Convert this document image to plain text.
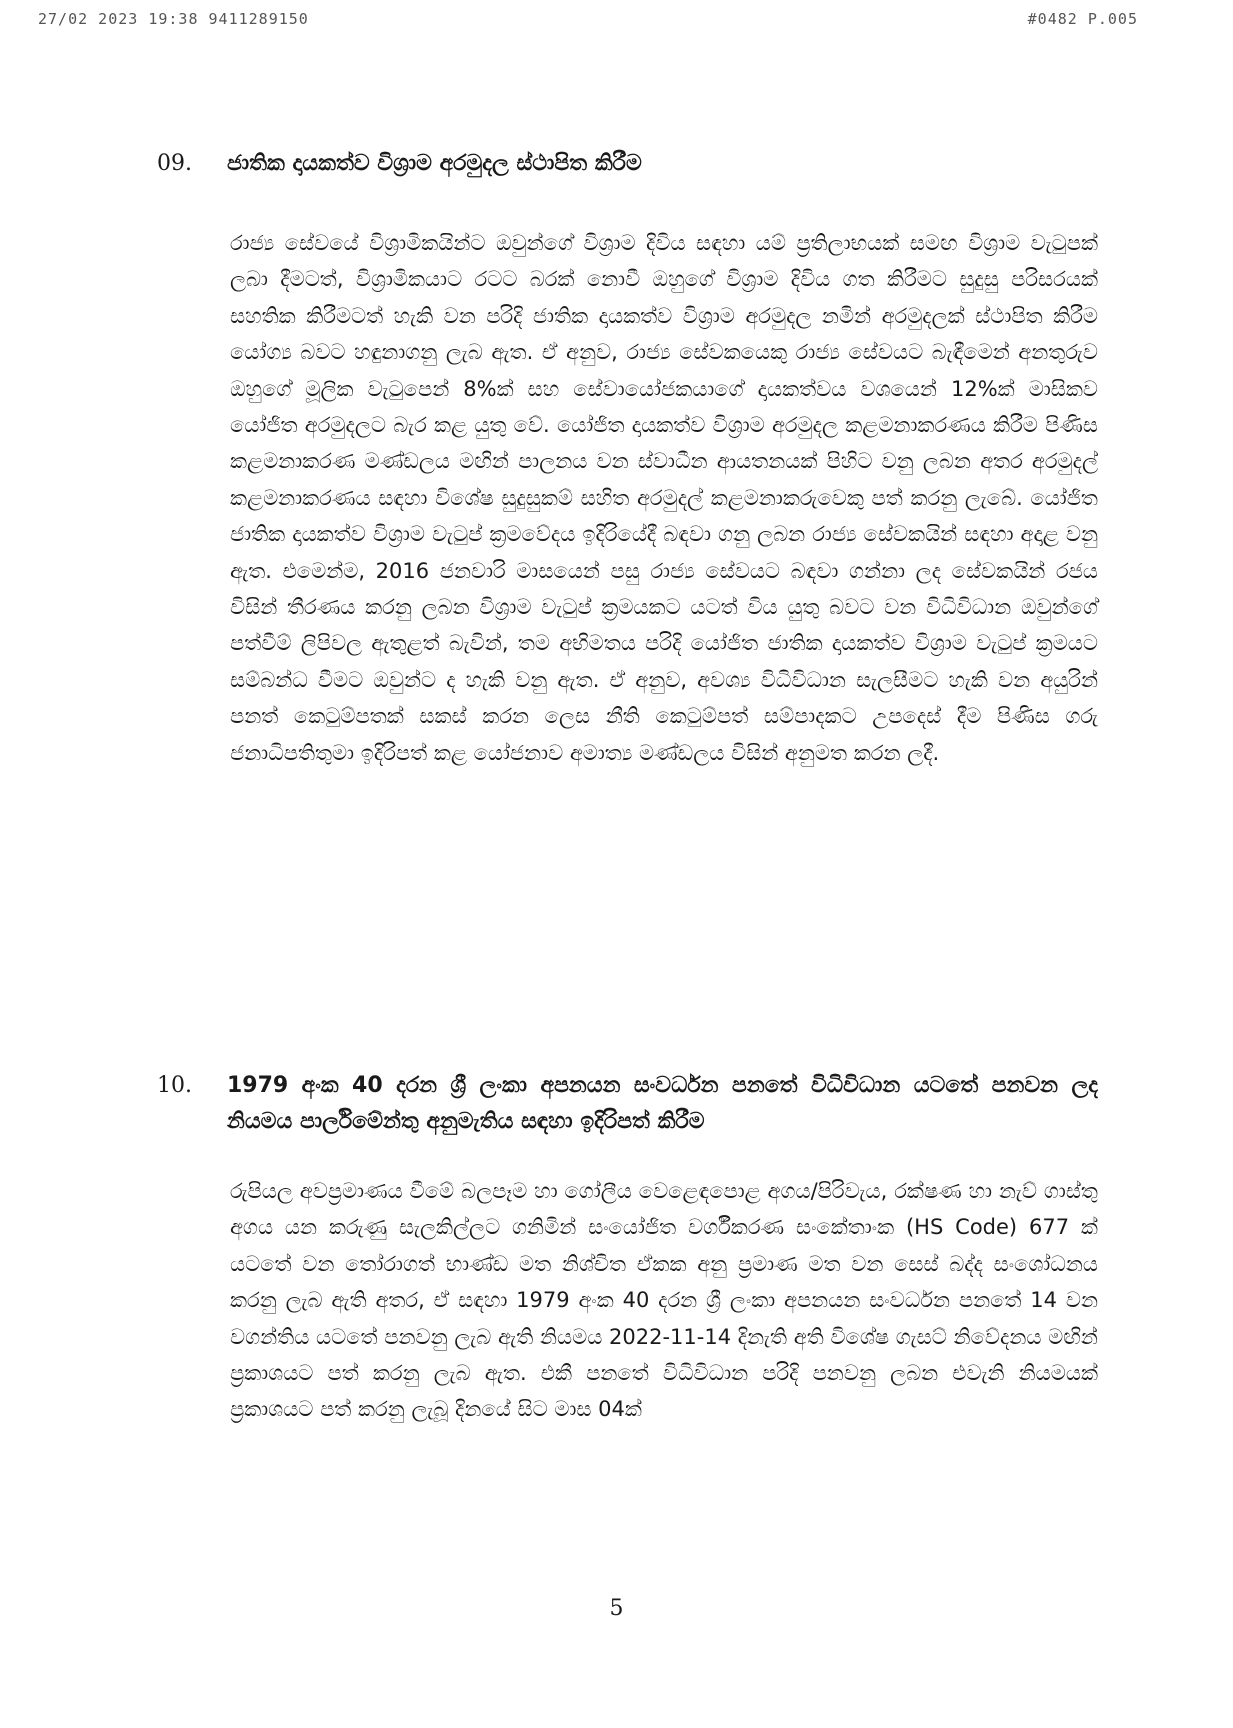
27/02 2023 19:38 9411289150	#0482 P.005
09.	ජාතික දායකත්ව විශ්‍රාම අරමුදල ස්ථාපිත කිරීම
රාජ්‍ය සේවයේ විශ්‍රාමිකයින්ට ඔවුන්ගේ විශ්‍රාම දිවිය සඳහා යම් ප්‍රතිලාභයක් සමඟ විශ්‍රාම වැටුපක් ලබා දීමටත්, විශ්‍රාමිකයාට රටට බරක් නොවී ඔහුගේ විශ්‍රාම දිවිය ගත කිරීමට සුදුසු පරිසරයක් සහතික කිරීමටත් හැකි වන පරිදි ජාතික දායකත්ව විශ්‍රාම අරමුදල නමින් අරමුදලක් ස්ථාපිත කිරීම යෝග්‍ය බවට හඳුනාගනු ලැබ ඇත. ඒ අනුව, රාජ්‍ය සේවකයෙකු රාජ්‍ය සේවයට බැඳීමෙන් අනතුරුව ඔහුගේ මූලික වැටුපෙන් 8%ක් සහ සේවායෝජකයාගේ දායකත්වය වශයෙන් 12%ක් මාසිකව යෝජිත අරමුදලට බැර කළ යුතු වේ. යෝජිත දායකත්ව විශ්‍රාම අරමුදල කළමනාකරණය කිරීම පිණිස කළමනාකරණ මණ්ඩලය මඟින් පාලනය වන ස්වාධීන ආයතනයක් පිහිට වනු ලබන අතර අරමුදල් කළමනාකරණය සඳහා විශේෂ සුදුසුකම් සහිත අරමුදල් කළමනාකරුවෙකු පත් කරනු ලැබේ. යෝජිත ජාතික දායකත්ව විශ්‍රාම වැටුප් ක්‍රමවේදය ඉදිරියේදී බඳවා ගනු ලබන රාජ්‍ය සේවකයින් සඳහා අදාළ වනු ඇත. එමෙන්ම, 2016 ජනවාරි මාසයෙන් පසු රාජ්‍ය සේවයට බඳවා ගන්නා ලද සේවකයින් රජය විසින් තීරණය කරනු ලබන විශ්‍රාම වැටුප් ක්‍රමයකට යටත් විය යුතු බවට වන විධිවිධාන ඔවුන්ගේ පත්වීම් ලිපිවල ඇතුළත් බැවින්, තම අභිමතය පරිදි යෝජිත ජාතික දායකත්ව විශ්‍රාම වැටුප් ක්‍රමයට සම්බන්ධ වීමට ඔවුන්ට ද හැකි වනු ඇත. ඒ අනුව, අවශ්‍ය විධිවිධාන සැලසීමට හැකි වන අයුරින් පනත් කෙටුම්පතක් සකස් කරන ලෙස නීති කෙටුම්පත් සම්පාදකට උපදෙස් දීම පිණිස ගරු ජනාධිපතිතුමා ඉදිරිපත් කළ යෝජනාව අමාත්‍ය මණ්ඩලය විසින් අනුමත කරන ලදී.
10.	1979 අංක 40 දරන ශ්‍රී ලංකා අපනයන සංවර්ධන පනතේ විධිවිධාන යටතේ පනවන ලද නියමය පාර්ලිමේන්තු අනුමැතිය සඳහා ඉදිරිපත් කිරීම
රුපියල අවප්‍රමාණය වීමේ බලපෑම හා ගෝලීය වෙළෙඳපොළ අගය/පිරිවැය, රක්ෂණ හා නැව් ගාස්තු අගය යන කරුණු සැලකිල්ලට ගනිමින් සංයෝජිත වර්ගීකරණ සංකේතාංක (HS Code) 677 ක් යටතේ වන තෝරාගත් භාණ්ඩ මත නිශ්චිත ඒකක අනු ප්‍රමාණ මත වන සෙස් බද්ද සංශෝධනය කරනු ලැබ ඇති අතර, ඒ සඳහා 1979 අංක 40 දරන ශ්‍රී ලංකා අපනයන සංවර්ධන පනතේ 14 වන වගන්තිය යටතේ පනවනු ලැබ ඇති නියමය 2022-11-14 දිනැති අති විශේෂ ගැසට් නිවේදනය මඟින් ප්‍රකාශයට පත් කරනු ලැබ ඇත. එකී පනතේ විධිවිධාන පරිදි පනවනු ලබන එවැනි නියමයක් ප්‍රකාශයට පත් කරනු ලැබූ දිනයේ සිට මාස 04ක්
5
